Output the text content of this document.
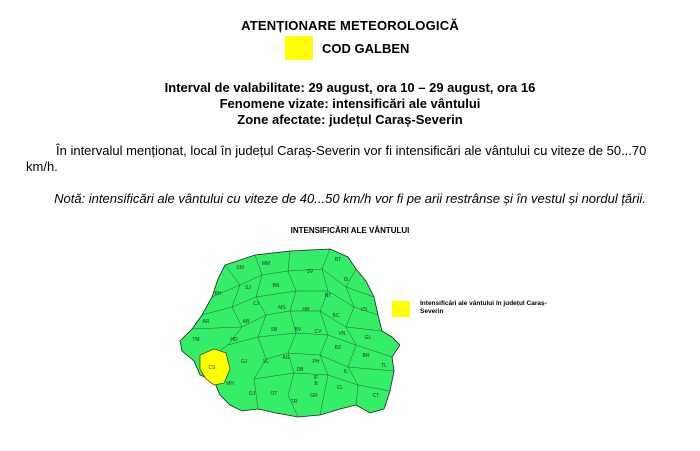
ATENȚIONARE METEOROLOGICĂ
COD GALBEN
Interval de valabilitate: 29 august, ora 10 – 29 august, ora 16
Fenomene vizate: intensificări ale vântului
Zone afectate: județul Caraș-Severin
În intervalul menționat, local în județul Caraș-Severin vor fi intensificări ale vântului cu viteze de 50...70 km/h.
Notă: intensificări ale vântului cu viteze de 40...50 km/h vor fi pe arii restrânse și în vestul și nordul țării.
INTENSIFICĂRI ALE VÂNTULUI
SM
MM
SV
BT
BH
SJ	BN
IS
CJ
MS
NT
VS
AR	AB
HR
BC
TM	HD
SB	CV	VN
GL
CS
BV
BZ
BR
VL
AG
PH
TL
GJ
MH
DB	IL
IF
CL
CT
DJ	OT
TR
GR
B
Intensificări ale vântului în județul Caraș-Severin
